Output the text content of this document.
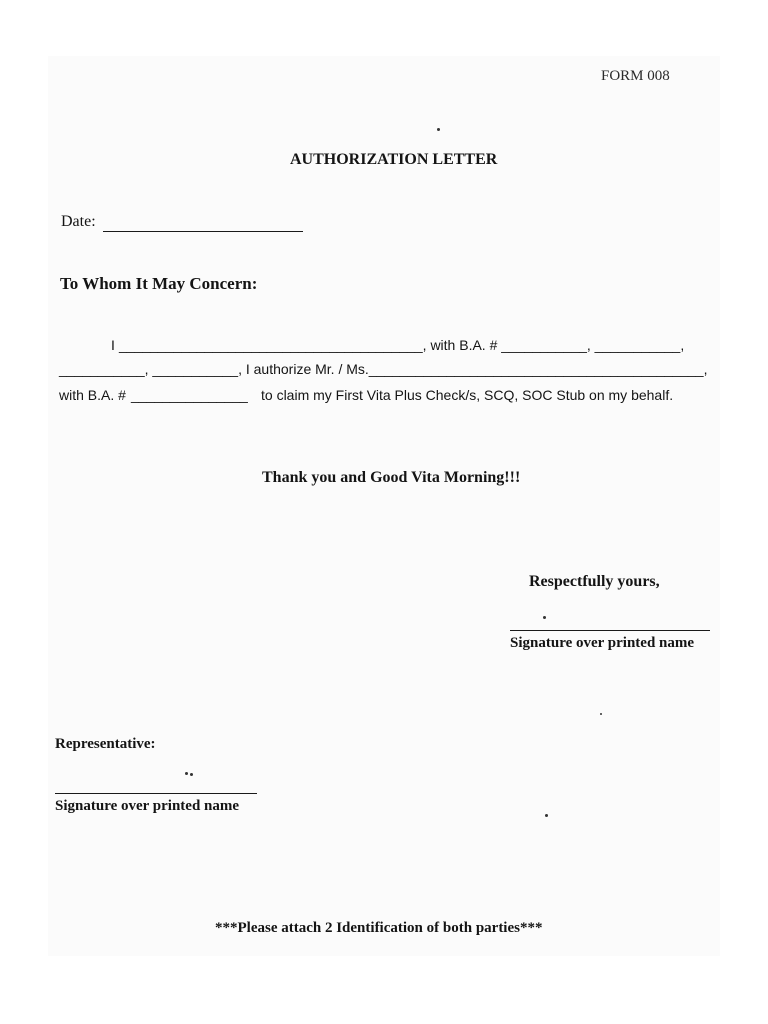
FORM 008
AUTHORIZATION LETTER
Date:
To Whom It May Concern:
I _______________________________________, with B.A. # ___________, ___________,
___________, ___________, I authorize Mr. / Ms.___________________________________________,
with B.A. # _______________ to claim my First Vita Plus Check/s, SCQ, SOC Stub on my behalf.
Thank you and Good Vita Morning!!!
Respectfully yours,
Signature over printed name
Representative:
Signature over printed name
***Please attach 2 Identification of both parties***
